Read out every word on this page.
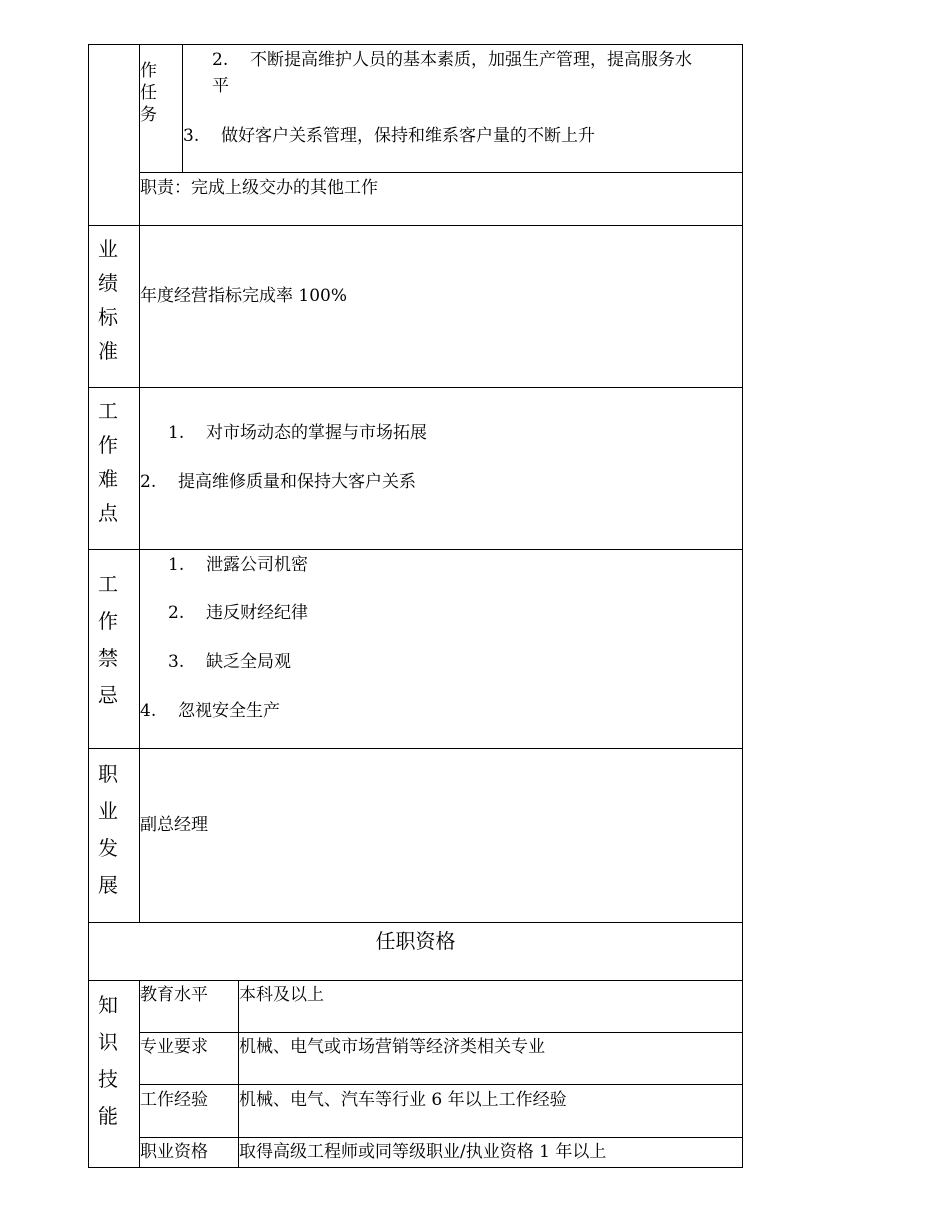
作
任
务
2. 不断提高维护人员的基本素质，加强生产管理，提高服务水
平
3. 做好客户关系管理，保持和维系客户量的不断上升
职责：完成上级交办的其他工作
业
绩
标
准
年度经营指标完成率 100%
工
作
难
点
1. 对市场动态的掌握与市场拓展
2. 提高维修质量和保持大客户关系
工
作
禁
忌
1. 泄露公司机密
2. 违反财经纪律
3. 缺乏全局观
4. 忽视安全生产
职
业
发
展
副总经理
任职资格
知
识
技
能
教育水平 本科及以上
专业要求 机械、电气或市场营销等经济类相关专业
工作经验 机械、电气、汽车等行业 6 年以上工作经验
职业资格 取得高级工程师或同等级职业/执业资格 1 年以上
